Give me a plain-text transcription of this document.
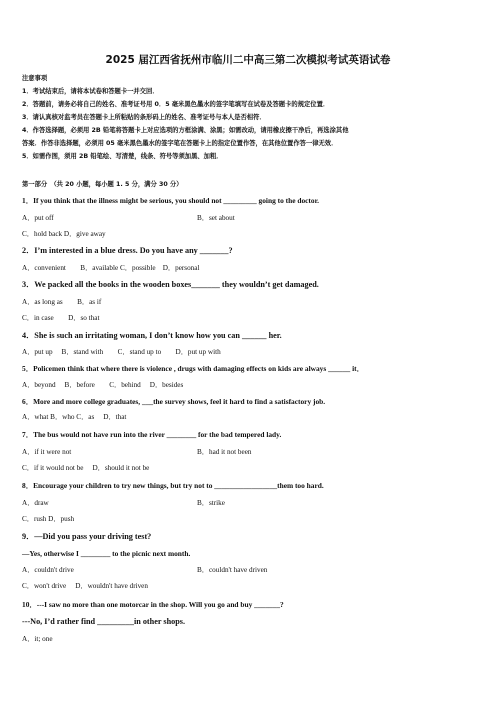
2025 届江西省抚州市临川二中高三第二次模拟考试英语试卷
注意事项
1．考试结束后，请将本试卷和答题卡一并交回．
2．答题前，请务必将自己的姓名、准考证号用 0．5 毫米黑色墨水的签字笔填写在试卷及答题卡的规定位置．
3．请认真核对监考员在答题卡上所粘贴的条形码上的姓名、准考证号与本人是否相符．
4．作答选择题，必须用 2B 铅笔将答题卡上对应选项的方框涂满、涂黑；如需改动，请用橡皮擦干净后，再选涂其他
答案．作答非选择题，必须用 05 毫米黑色墨水的签字笔在答题卡上的指定位置作答，在其他位置作答一律无效．
5．如需作图，须用 2B 铅笔绘、写清楚，线条、符号等须加黑、加粗．
第一部分　（共 20 小题，每小题 1. 5 分，满分 30 分）
1．If you think that the illness might be serious, you should not _________ going to the doctor.
A．put off	B．set about
C．hold back D．give away
2．I’m interested in a blue dress. Do you have any _______?
A．convenient　　B．available C．possible　D．personal
3．We packed all the books in the wooden boxes_______ they wouldn’t get damaged.
A．as long as　　B．as if
C．in case　　D．so that
4．She is such an irritating woman, I don’t know how you can ______ her.
A．put up　 B．stand with　　C．stand up to　　D．put up with
5．Policemen think that where there is violence , drugs with damaging effects on kids are always ______ it．
A．beyond　 B．before　　C．behind　 D．besides
6．More and more college graduates, ___the survey shows, feel it hard to find a satisfactory job.
A．what B．who C．as　 D．that
7．The bus would not have run into the river ________ for the bad tempered lady.
A．if it were not	B．had it not been
C．if it would not be　 D．should it not be
8．Encourage your children to try new things, but try not to _________________them too hard.
A．draw	B．strike
C．rush D．push
9．—Did you pass your driving test?
—Yes, otherwise I ________ to the picnic next month.
A．couldn't drive	B．couldn't have driven
C．won't drive　 D．wouldn't have driven
10．---I saw no more than one motorcar in the shop. Will you go and buy _______?
---No, I’d rather find _________in other shops.
A．it; one
